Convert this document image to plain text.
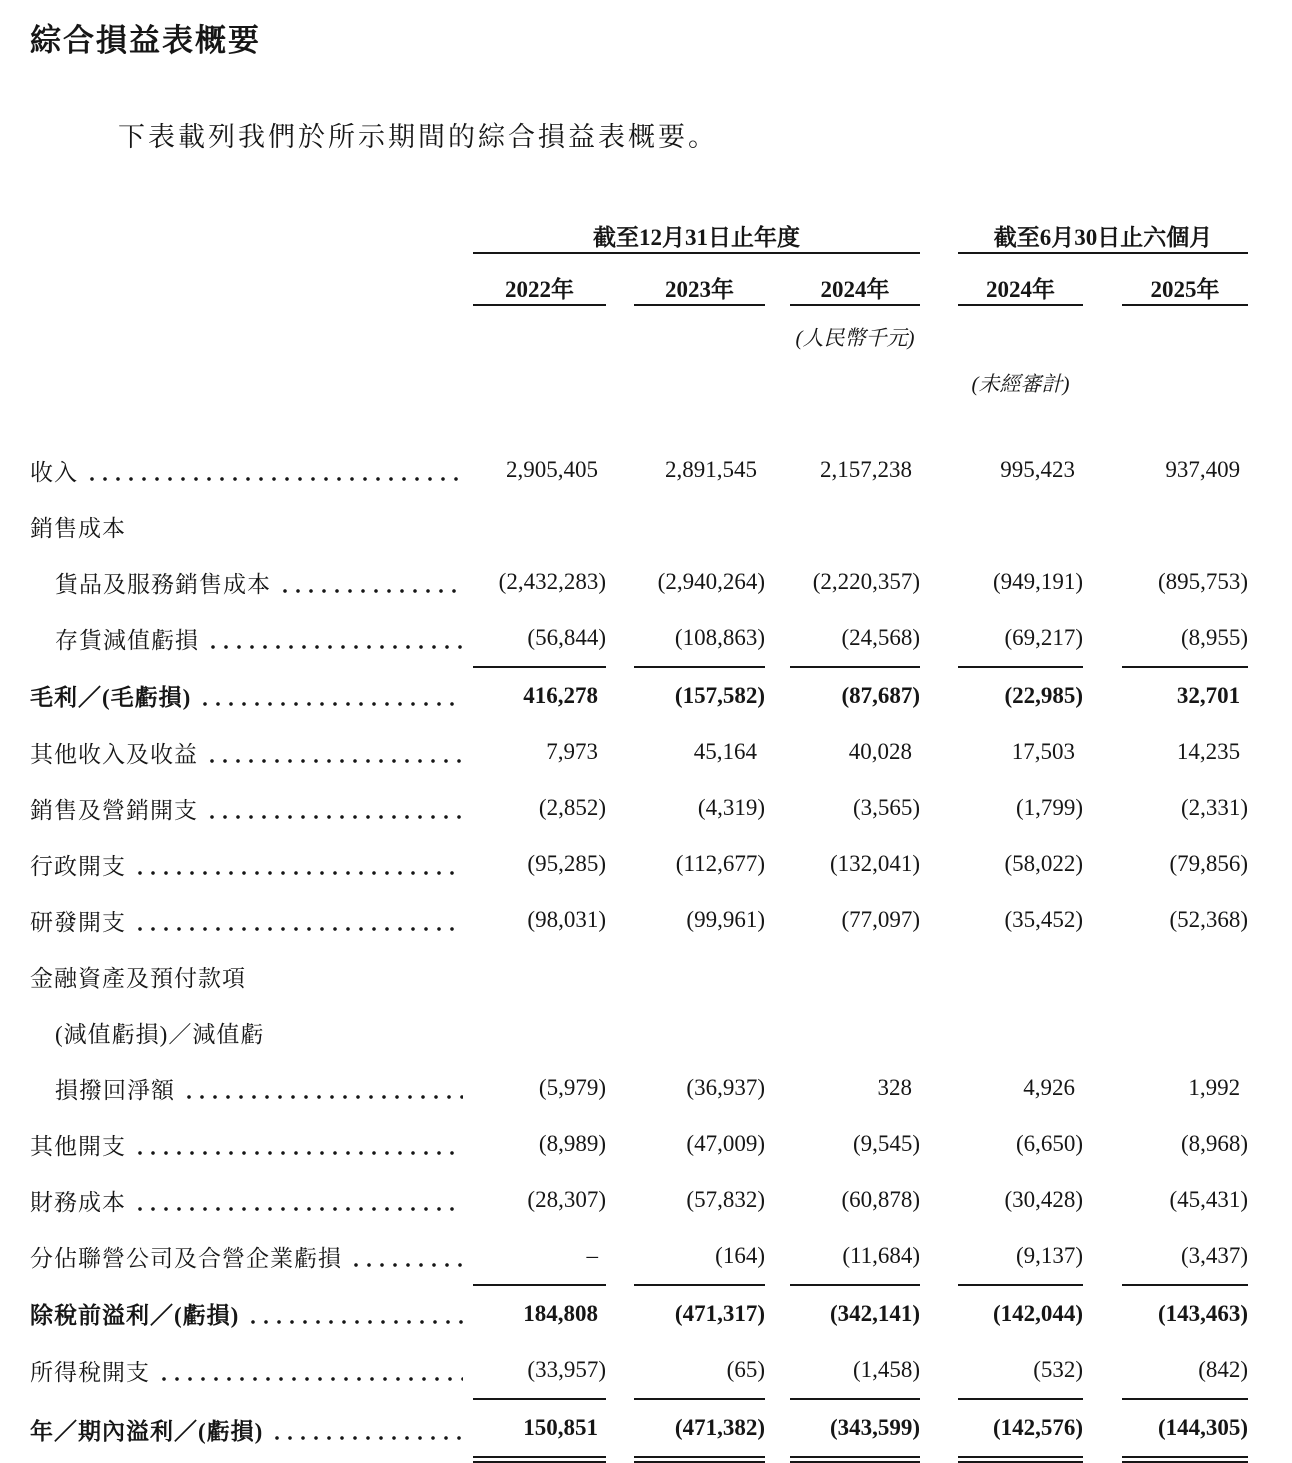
綜合損益表概要

下表載列我們於所示期間的綜合損益表概要。

	截至12月31日止年度						截至6月30日止六個月		
	2022年		2023年		2024年		2024年		2025年
					(人民幣千元)				
							(未經審計)		

收入	2,905,405		2,891,545		2,157,238		995,423		937,409

銷售成本									

貨品及服務銷售成本	(2,432,283)		(2,940,264)		(2,220,357)		(949,191)		(895,753)

存貨減值虧損	(56,844)		(108,863)		(24,568)		(69,217)		(8,955)

毛利／(毛虧損)	416,278		(157,582)		(87,687)		(22,985)		32,701

其他收入及收益	7,973		45,164		40,028		17,503		14,235

銷售及營銷開支	(2,852)		(4,319)		(3,565)		(1,799)		(2,331)

行政開支	(95,285)		(112,677)		(132,041)		(58,022)		(79,856)

研發開支	(98,031)		(99,961)		(77,097)		(35,452)		(52,368)

金融資產及預付款項									

(減值虧損)／減值虧									

損撥回淨額	(5,979)		(36,937)		328		4,926		1,992

其他開支	(8,989)		(47,009)		(9,545)		(6,650)		(8,968)

財務成本	(28,307)		(57,832)		(60,878)		(30,428)		(45,431)

分佔聯營公司及合營企業虧損	–		(164)		(11,684)		(9,137)		(3,437)

除稅前溢利／(虧損)	184,808		(471,317)		(342,141)		(142,044)		(143,463)

所得稅開支	(33,957)		(65)		(1,458)		(532)		(842)

年／期內溢利／(虧損)	150,851		(471,382)		(343,599)		(142,576)		(144,305)
